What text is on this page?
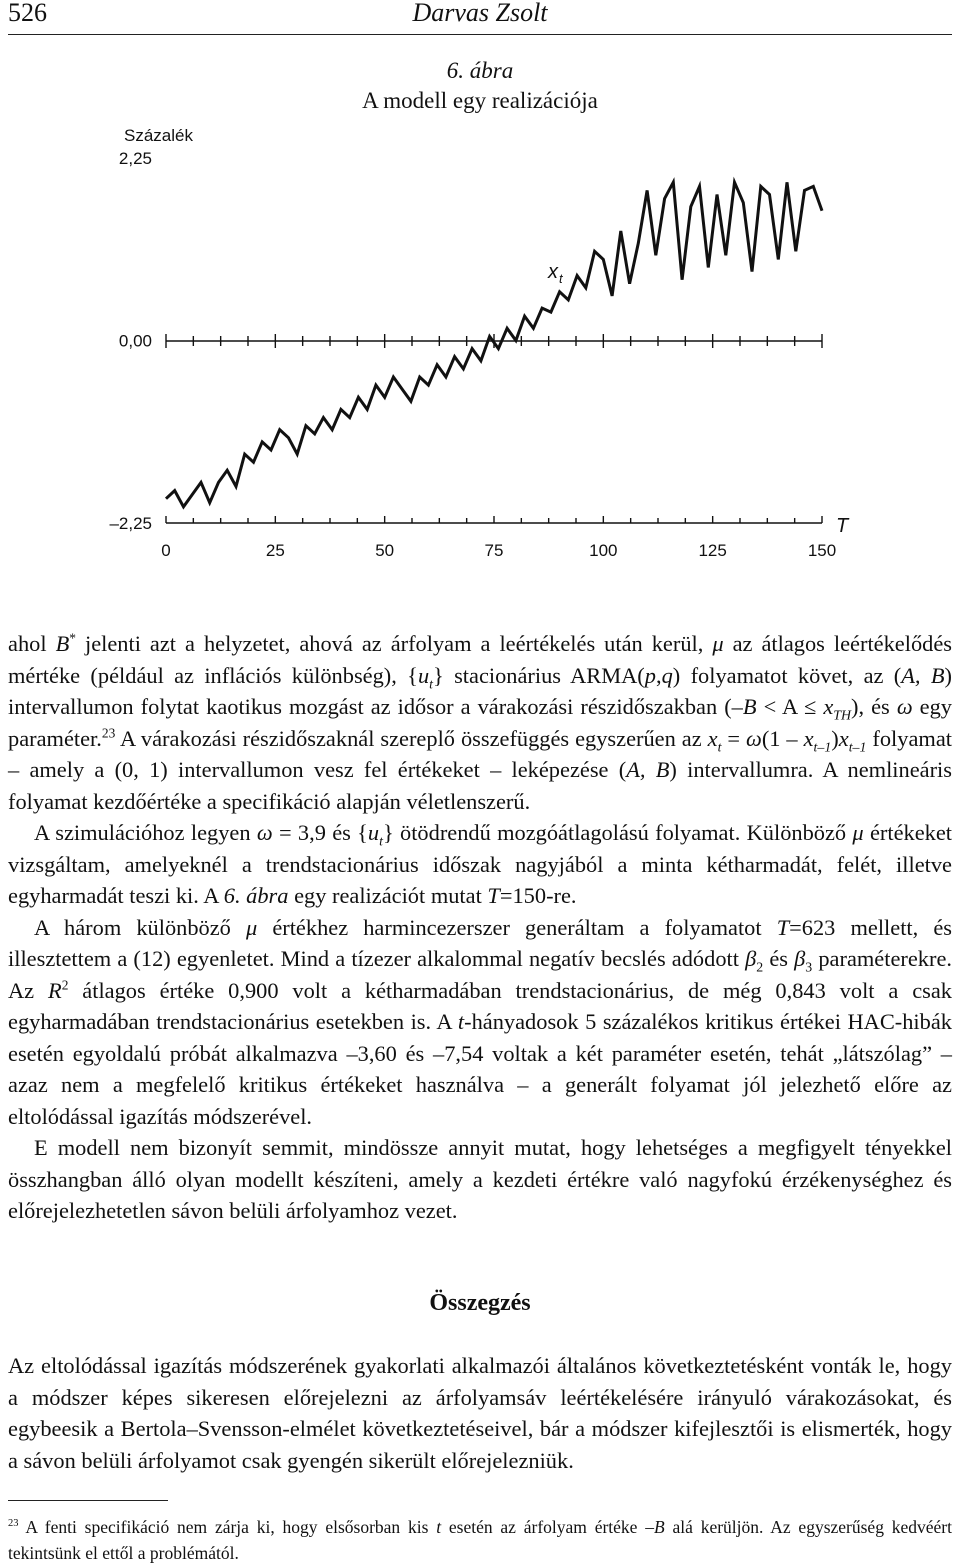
526	Darvas Zsolt
6. ábra
A modell egy realizációja
Százalék
2,25
0,00
–2,25
0	25	50	75	100	125	150
T
x t

ahol B* jelenti azt a helyzetet, ahová az árfolyam a leértékelés után kerül, μ az átlagos leértékelődés mértéke (például az inflációs különbség), $\{u_t\}$ stacionárius ARMA(p,q) folyamatot követ, az (A, B) intervallumon folytat kaotikus mozgást az idősor a várakozási részidőszakban $(-B < A \le x_{TH})$, és ω egy paraméter.$^{23}$ A várakozási részidőszaknál szereplő összefüggés egyszerűen az $x_t = \omega(1 - x_{t-1})x_{t-1}$ folyamat – amely a (0, 1) intervallumon vesz fel értékeket – leképezése (A, B) intervallumra. A nemlineáris folyamat kezdőértéke a specifikáció alapján véletlenszerű.

A szimulációhoz legyen ω = 3,9 és $\{u_t\}$ ötödrendű mozgóátlagolású folyamat. Különböző μ értékeket vizsgáltam, amelyeknél a trendstacionárius időszak nagyjából a minta kétharmadát, felét, illetve egyharmadát teszi ki. A 6. ábra egy realizációt mutat T=150-re.

A három különböző μ értékhez harmincezerszer generáltam a folyamatot T=623 mellett, és illesztettem a (12) egyenletet. Mind a tízezer alkalommal negatív becslés adódott $\beta_2$ és $\beta_3$ paraméterekre. Az $R^2$ átlagos értéke 0,900 volt a kétharmadában trendstacionárius, de még 0,843 volt a csak egyharmadában trendstacionárius esetekben is. A t-hányadosok 5 százalékos kritikus értékei HAC-hibák esetén egyoldalú próbát alkalmazva –3,60 és –7,54 voltak a két paraméter esetén, tehát „látszólag” – azaz nem a megfelelő kritikus értékeket használva – a generált folyamat jól jelezhető előre az eltolódással igazítás módszerével.

E modell nem bizonyít semmit, mindössze annyit mutat, hogy lehetséges a megfigyelt tényekkel összhangban álló olyan modellt készíteni, amely a kezdeti értékre való nagyfokú érzékenységhez és előrejelezhetetlen sávon belüli árfolyamhoz vezet.

Összegzés

Az eltolódással igazítás módszerének gyakorlati alkalmazói általános következtetésként vonták le, hogy a módszer képes sikeresen előrejelezni az árfolyamsáv leértékelésére irányuló várakozásokat, és egybeesik a Bertola–Svensson-elmélet következtetéseivel, bár a módszer kifejlesztői is elismerték, hogy a sávon belüli árfolyamot csak gyengén sikerült előrejelezniük.

$^{23}$ A fenti specifikáció nem zárja ki, hogy elsősorban kis t esetén az árfolyam értéke –B alá kerüljön. Az egyszerűség kedvéért tekintsünk el ettől a problémától.
